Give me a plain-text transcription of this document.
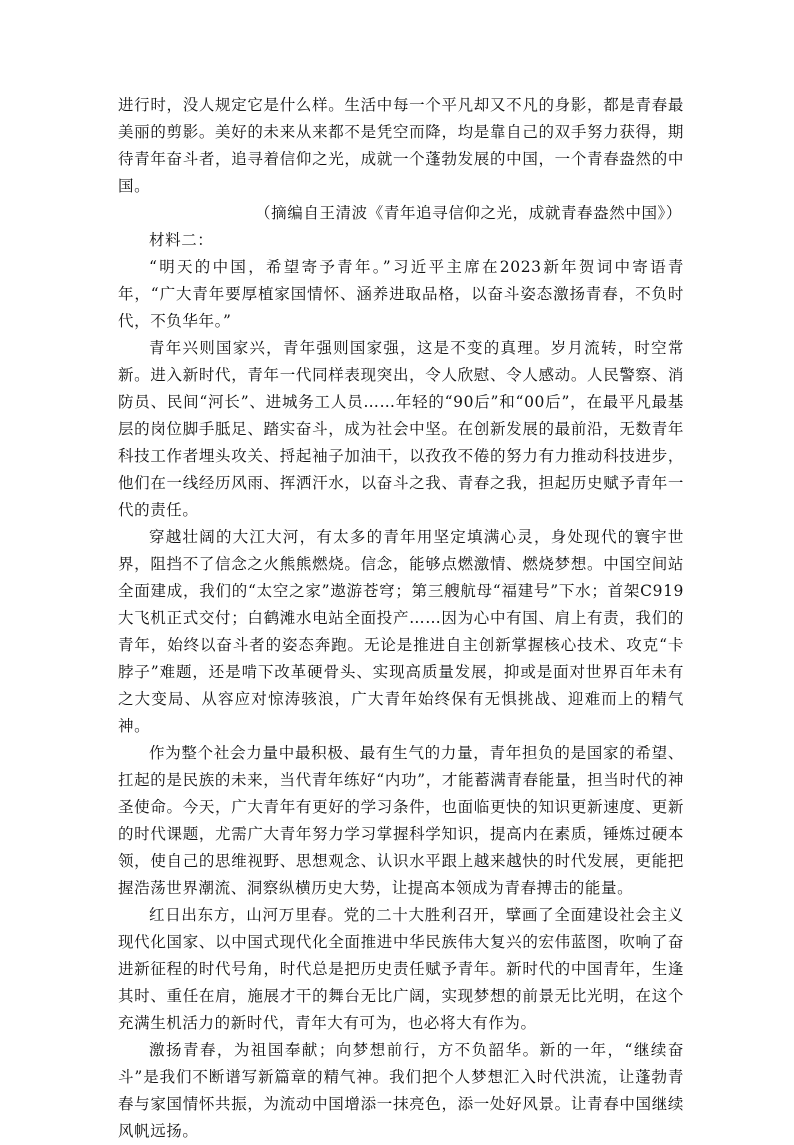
进行时，没人规定它是什么样。生活中每一个平凡却又不凡的身影，都是青春最美丽的剪影。美好的未来从来都不是凭空而降，均是靠自己的双手努力获得，期待青年奋斗者，追寻着信仰之光，成就一个蓬勃发展的中国，一个青春盎然的中国。

（摘编自王清波《青年追寻信仰之光，成就青春盎然中国》）

材料二：

“明天的中国，希望寄予青年。”习近平主席在2023新年贺词中寄语青年，“广大青年要厚植家国情怀、涵养进取品格，以奋斗姿态激扬青春，不负时代，不负华年。”

青年兴则国家兴，青年强则国家强，这是不变的真理。岁月流转，时空常新。进入新时代，青年一代同样表现突出，令人欣慰、令人感动。人民警察、消防员、民间“河长”、进城务工人员……年轻的“90后”和“00后”，在最平凡最基层的岗位脚手胝足、踏实奋斗，成为社会中坚。在创新发展的最前沿，无数青年科技工作者埋头攻关、捋起袖子加油干，以孜孜不倦的努力有力推动科技进步，他们在一线经历风雨、挥洒汗水，以奋斗之我、青春之我，担起历史赋予青年一代的责任。

穿越壮阔的大江大河，有太多的青年用坚定填满心灵，身处现代的寰宇世界，阻挡不了信念之火熊熊燃烧。信念，能够点燃激情、燃烧梦想。中国空间站全面建成，我们的“太空之家”遨游苍穹；第三艘航母“福建号”下水；首架C919大飞机正式交付；白鹤滩水电站全面投产……因为心中有国、肩上有责，我们的青年，始终以奋斗者的姿态奔跑。无论是推进自主创新掌握核心技术、攻克“卡脖子”难题，还是啃下改革硬骨头、实现高质量发展，抑或是面对世界百年未有之大变局、从容应对惊涛骇浪，广大青年始终保有无惧挑战、迎难而上的精气神。

作为整个社会力量中最积极、最有生气的力量，青年担负的是国家的希望、扛起的是民族的未来，当代青年练好“内功”，才能蓄满青春能量，担当时代的神圣使命。今天，广大青年有更好的学习条件，也面临更快的知识更新速度、更新的时代课题，尤需广大青年努力学习掌握科学知识，提高内在素质，锤炼过硬本领，使自己的思维视野、思想观念、认识水平跟上越来越快的时代发展，更能把握浩荡世界潮流、洞察纵横历史大势，让提高本领成为青春搏击的能量。

红日出东方，山河万里春。党的二十大胜利召开，擘画了全面建设社会主义现代化国家、以中国式现代化全面推进中华民族伟大复兴的宏伟蓝图，吹响了奋进新征程的时代号角，时代总是把历史责任赋予青年。新时代的中国青年，生逢其时、重任在肩，施展才干的舞台无比广阔，实现梦想的前景无比光明，在这个充满生机活力的新时代，青年大有可为，也必将大有作为。

激扬青春，为祖国奉献；向梦想前行，方不负韶华。新的一年，“继续奋斗”是我们不断谱写新篇章的精气神。我们把个人梦想汇入时代洪流，让蓬勃青春与家国情怀共振，为流动中国增添一抹亮色，添一处好风景。让青春中国继续风帆远扬。
